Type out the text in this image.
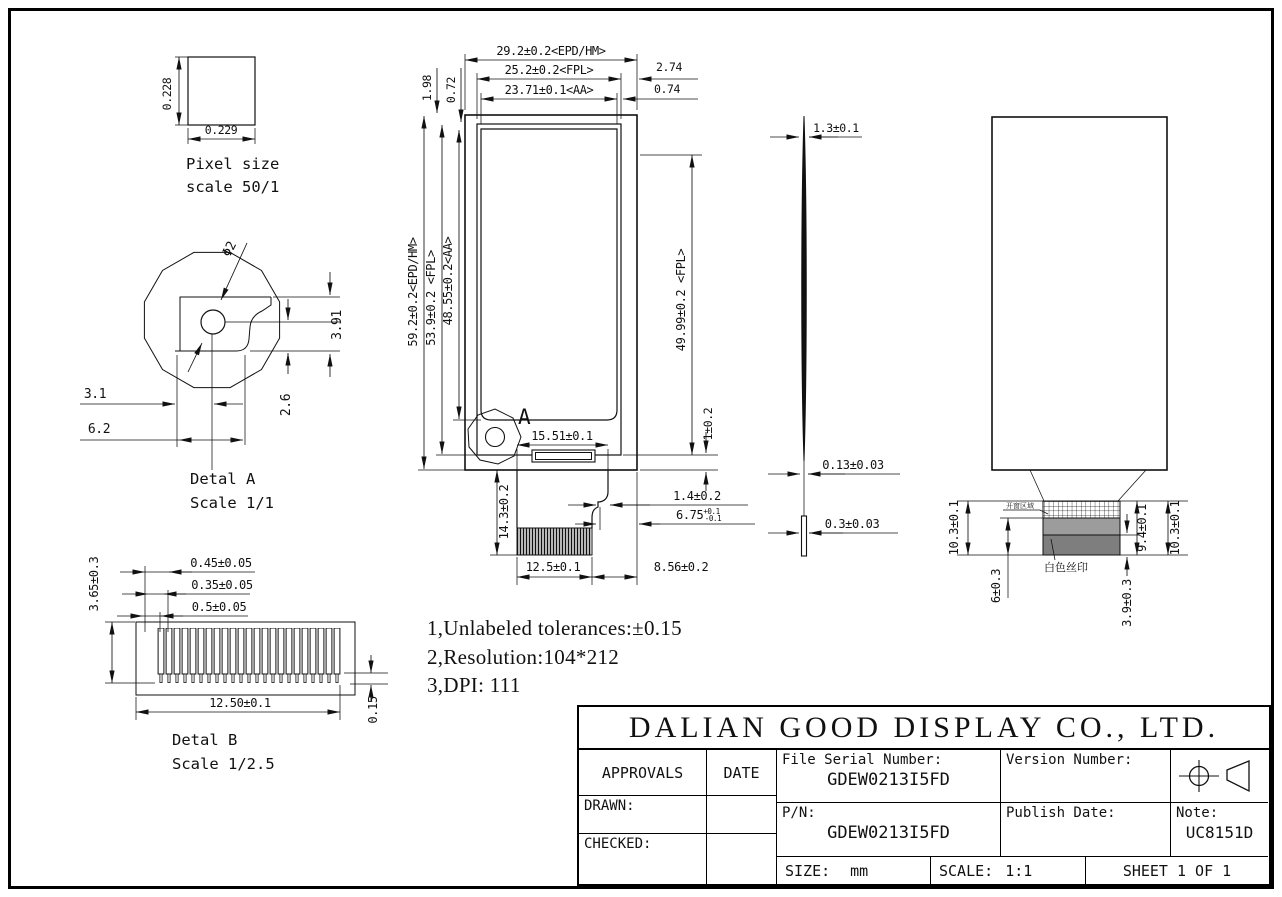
0.228
0.229
Pixel size
scale 50/1
Φ2
3.91
2.6
3.1
6.2
Detal A
Scale 1/1
0.45±0.05
0.35±0.05
0.5±0.05
3.65±0.3
12.50±0.1	0.15
Detal B
Scale 1/2.5
29.2±0.2<EPD/HM>
25.2±0.2<FPL>
23.71±0.1<AA>
2.74
0.74
1.98 0.72
59.2±0.2<EPD/HM> 53.9±0.2 <FPL> 48.55±0.2<AA>	49.99±0.2 <FPL>
1±0.2
15.51±0.1
14.3±0.2	1.4±0.2
$6.75^{+0.1}$ -0.1
12.5±0.1	8.56±0.2
A
1.3±0.1
0.13±0.03
0.3±0.03	10.3±0.1
6±0.3
9.4±0.1 10.3±0.1
3.9±0.3
开窗区域
白色丝印
1,Unlabeled tolerances:±0.15
2,Resolution:104*212
3,DPI: 111
DALIAN GOOD DISPLAY CO., LTD.
APPROVALS	DATE
DRAWN:
CHECKED:
File Serial Number:
GDEW0213I5FD
Version Number:
P/N:
GDEW0213I5FD
Publish Date:	Note:
UC8151D
SIZE: mm	SCALE: 1:1	SHEET 1 OF 1
